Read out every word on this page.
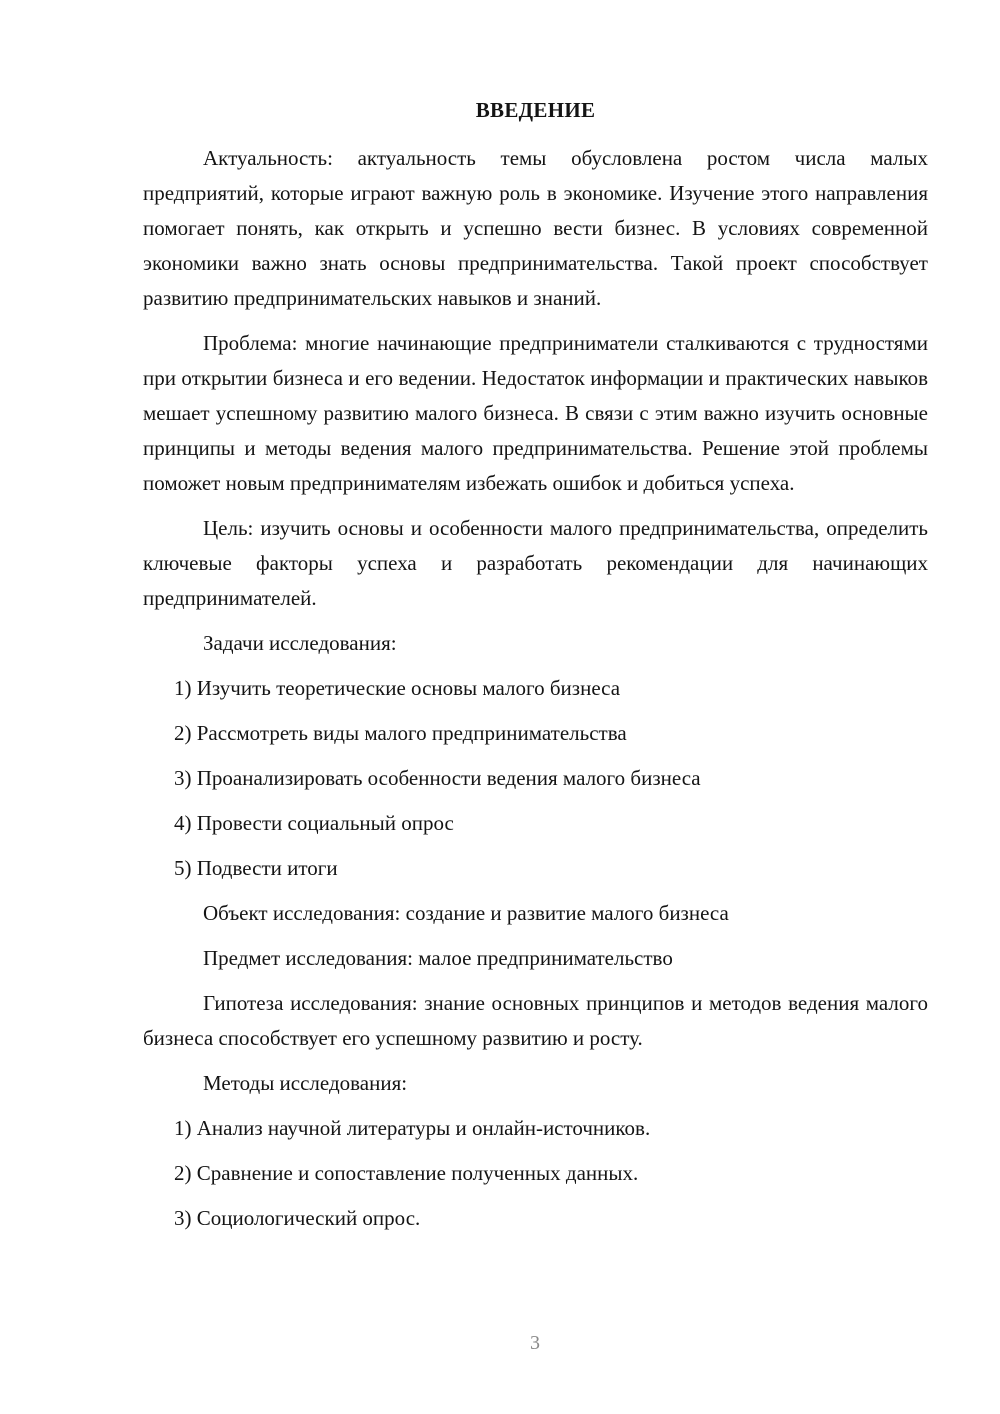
ВВЕДЕНИЕ

Актуальность: актуальность темы обусловлена ростом числа малых предприятий, которые играют важную роль в экономике. Изучение этого направления помогает понять, как открыть и успешно вести бизнес. В условиях современной экономики важно знать основы предпринимательства. Такой проект способствует развитию предпринимательских навыков и знаний.

Проблема: многие начинающие предприниматели сталкиваются с трудностями при открытии бизнеса и его ведении. Недостаток информации и практических навыков мешает успешному развитию малого бизнеса. В связи с этим важно изучить основные принципы и методы ведения малого предпринимательства. Решение этой проблемы поможет новым предпринимателям избежать ошибок и добиться успеха.

Цель: изучить основы и особенности малого предпринимательства, определить ключевые факторы успеха и разработать рекомендации для начинающих предпринимателей.

Задачи исследования:
1) Изучить теоретические основы малого бизнеса
2) Рассмотреть виды малого предпринимательства
3) Проанализировать особенности ведения малого бизнеса
4) Провести социальный опрос
5) Подвести итоги
Объект исследования: создание и развитие малого бизнеса
Предмет исследования: малое предпринимательство

Гипотеза исследования: знание основных принципов и методов ведения малого бизнеса способствует его успешному развитию и росту.

Методы исследования:
1) Анализ научной литературы и онлайн-источников.
2) Сравнение и сопоставление полученных данных.
3) Социологический опрос.
3
